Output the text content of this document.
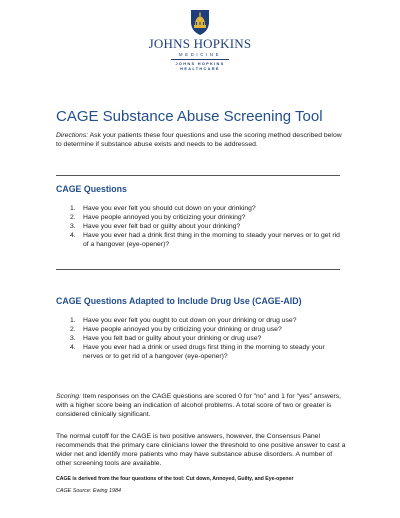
JOHNS HOPKINS
MEDICINE
JOHNS HOPKINS
HEALTHCARE
CAGE Substance Abuse Screening Tool

Directions: Ask your patients these four questions and use the scoring method described below to determine if substance abuse exists and needs to be addressed.

CAGE Questions
1. Have you ever felt you should cut down on your drinking?
2. Have people annoyed you by criticizing your drinking?
3. Have you ever felt bad or guilty about your drinking?
4. Have you ever had a drink first thing in the morning to steady your nerves or to get rid of a hangover (eye-opener)?
CAGE Questions Adapted to Include Drug Use (CAGE-AID)
1. Have you ever felt you ought to cut down on your drinking or drug use?
2. Have people annoyed you by criticizing your drinking or drug use?
3. Have you felt bad or guilty about your drinking or drug use?
4. Have you ever had a drink or used drugs first thing in the morning to steady your nerves or to get rid of a hangover (eye-opener)?

Scoring: Item responses on the CAGE questions are scored 0 for "no" and 1 for "yes" answers, with a higher score being an indication of alcohol problems. A total score of two or greater is considered clinically significant.

The normal cutoff for the CAGE is two positive answers, however, the Consensus Panel recommends that the primary care clinicians lower the threshold to one positive answer to cast a wider net and identify more patients who may have substance abuse disorders. A number of other screening tools are available.

CAGE is derived from the four questions of the tool: Cut down, Annoyed, Guilty, and Eye-opener

CAGE Source: Ewing 1984
